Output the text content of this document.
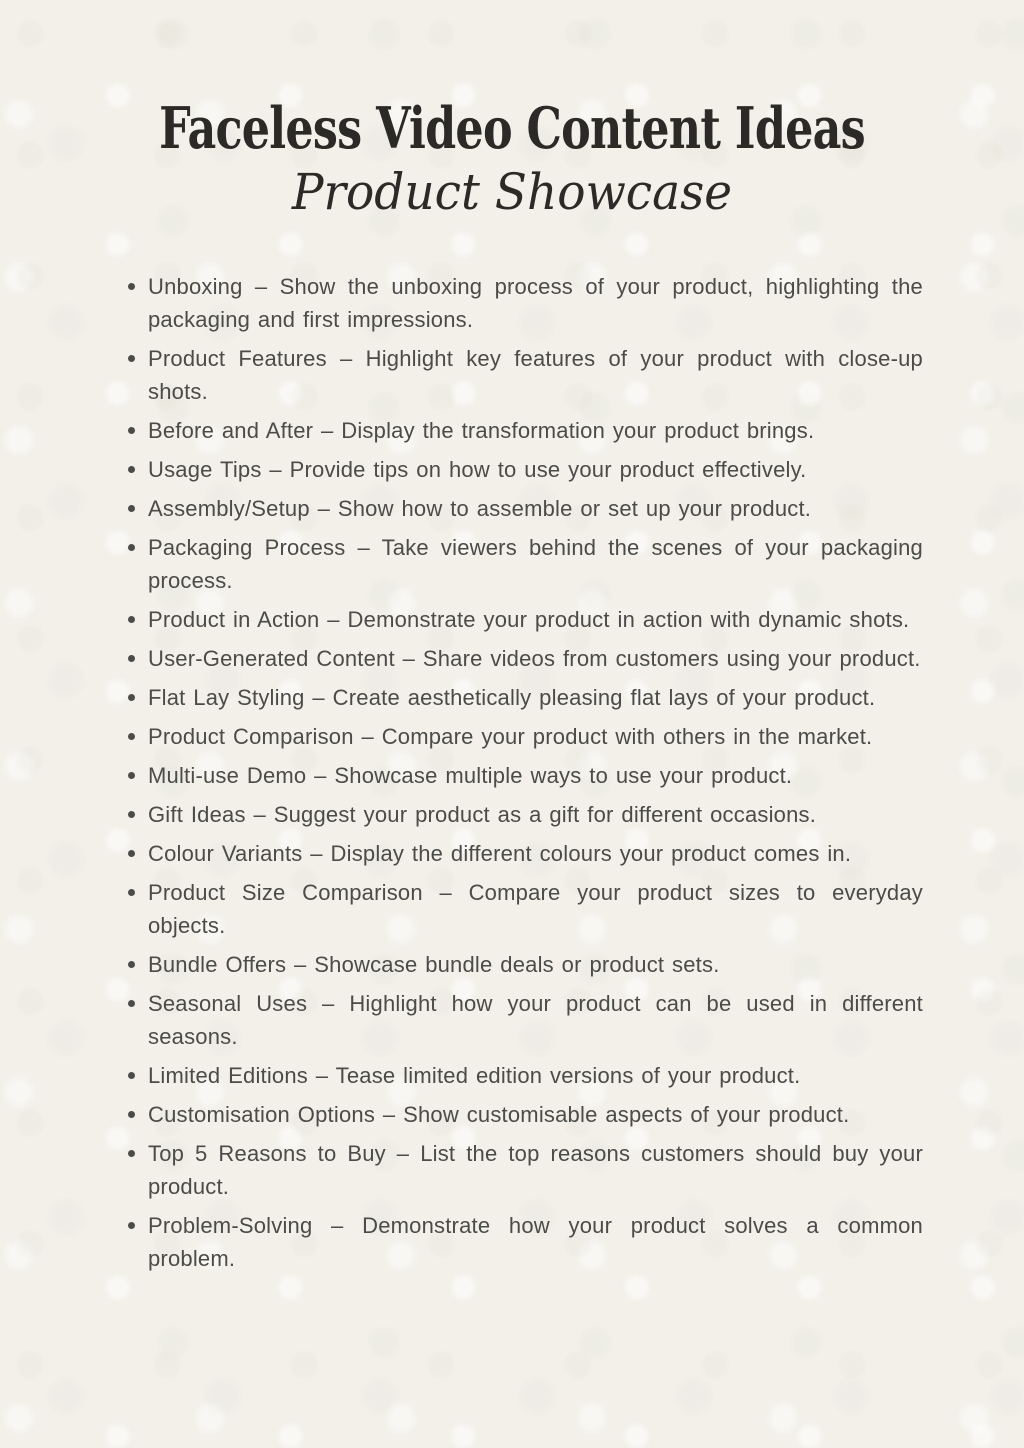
Faceless Video Content Ideas
Product Showcase
Unboxing – Show the unboxing process of your product, highlighting the packaging and first impressions.
Product Features – Highlight key features of your product with close-up shots.
Before and After – Display the transformation your product brings.
Usage Tips – Provide tips on how to use your product effectively.
Assembly/Setup – Show how to assemble or set up your product.
Packaging Process – Take viewers behind the scenes of your packaging process.
Product in Action – Demonstrate your product in action with dynamic shots.
User-Generated Content – Share videos from customers using your product.
Flat Lay Styling – Create aesthetically pleasing flat lays of your product.
Product Comparison – Compare your product with others in the market.
Multi-use Demo – Showcase multiple ways to use your product.
Gift Ideas – Suggest your product as a gift for different occasions.
Colour Variants – Display the different colours your product comes in.
Product Size Comparison – Compare your product sizes to everyday objects.
Bundle Offers – Showcase bundle deals or product sets.
Seasonal Uses – Highlight how your product can be used in different seasons.
Limited Editions – Tease limited edition versions of your product.
Customisation Options – Show customisable aspects of your product.
Top 5 Reasons to Buy – List the top reasons customers should buy your product.
Problem-Solving – Demonstrate how your product solves a common problem.
